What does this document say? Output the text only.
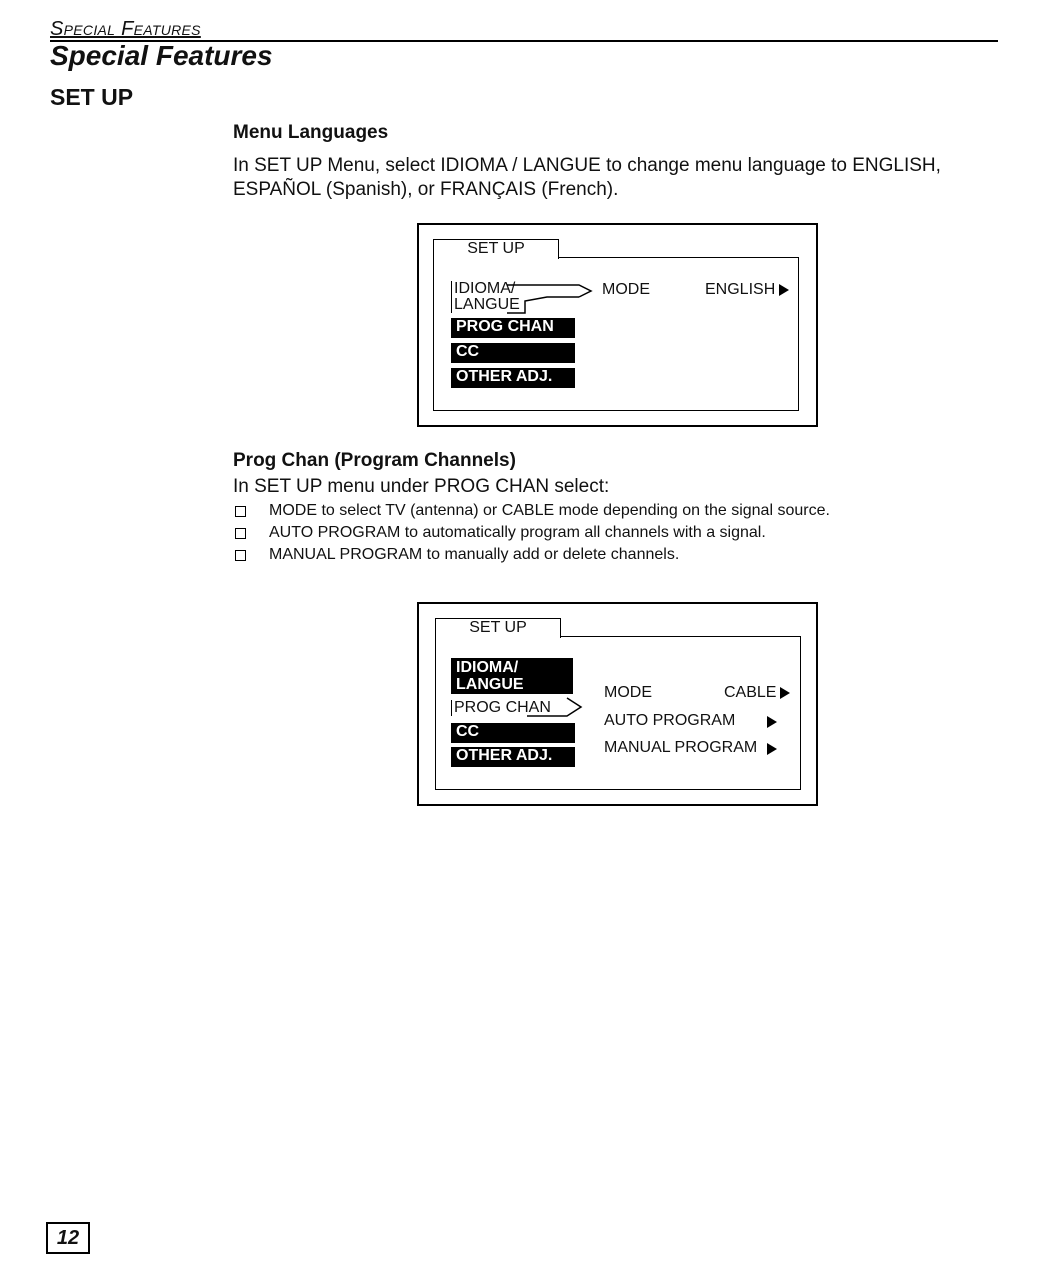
Special Features
Special Features
SET UP
Menu Languages
In SET UP Menu, select IDIOMA / LANGUE to change menu language to ENGLISH, ESPAÑOL (Spanish), or FRANÇAIS (French).
SET UP
IDIOMA/
LANGUE
PROG CHAN
CC
OTHER ADJ.
MODE	ENGLISH
Prog Chan (Program Channels)
In SET UP menu under PROG CHAN select:
MODE to select TV (antenna) or CABLE mode depending on the signal source.
AUTO PROGRAM to automatically program all channels with a signal.
MANUAL PROGRAM to manually add or delete channels.
SET UP
IDIOMA/
LANGUE
PROG CHAN
CC
OTHER ADJ.
MODE	CABLE
AUTO PROGRAM
MANUAL PROGRAM
12
